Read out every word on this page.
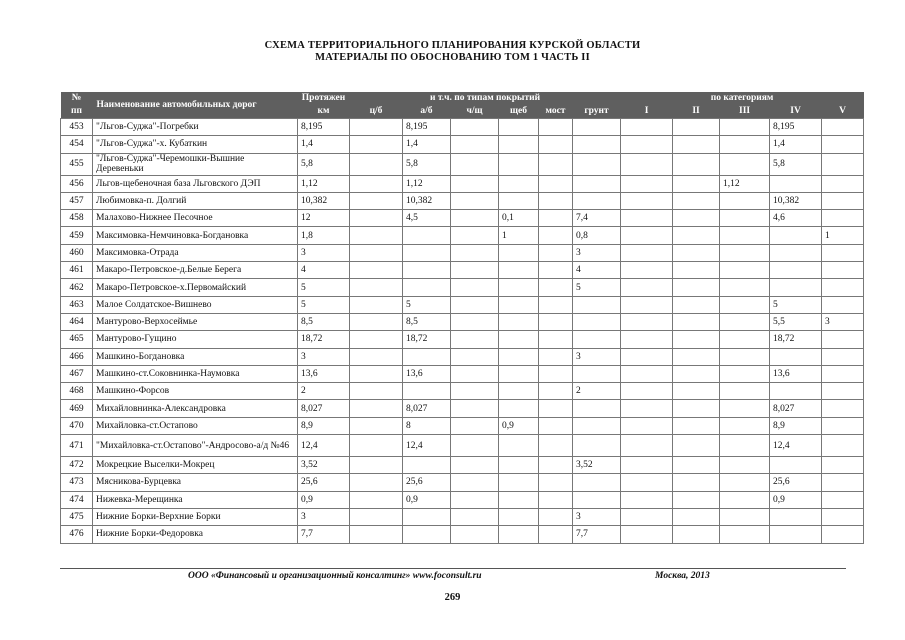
СХЕМА ТЕРРИТОРИАЛЬНОГО ПЛАНИРОВАНИЯ КУРСКОЙ ОБЛАСТИ
МАТЕРИАЛЫ ПО ОБОСНОВАНИЮ ТОМ 1 ЧАСТЬ II
№	Наименование автомобильных дорог	Протяжен	и т.ч. по типам покрытий						по категориям				
пп		км	ц/б	а/б	ч/щ	щеб	мост	грунт	I	II	III	IV	V
453	"Льгов-Суджа"-Погребки	8,195		8,195								8,195	
454	"Льгов-Суджа"-х. Кубаткин	1,4		1,4								1,4	
455	"Льгов-Суджа"-Черемошки-Вышние Деревеньки	5,8		5,8								5,8	
456	Льгов-щебеночная база Льговского ДЭП	1,12		1,12							1,12		
457	Любимовка-п. Долгий	10,382		10,382								10,382	
458	Малахово-Нижнее Песочное	12		4,5		0,1		7,4				4,6	
459	Максимовка-Немчиновка-Богдановка	1,8				1		0,8					1
460	Максимовка-Отрада	3						3					
461	Макаро-Петровское-д.Белые Берега	4						4					
462	Макаро-Петровское-х.Первомайский	5						5					
463	Малое Солдатское-Вишнево	5		5								5	
464	Мантурово-Верхосеймье	8,5		8,5								5,5	3
465	Мантурово-Гущино	18,72		18,72								18,72	
466	Машкино-Богдановка	3						3					
467	Машкино-ст.Соковнинка-Наумовка	13,6		13,6								13,6	
468	Машкино-Форсов	2						2					
469	Михайловнинка-Александровка	8,027		8,027								8,027	
470	Михайловка-ст.Остапово	8,9		8		0,9						8,9	
471	"Михайловка-ст.Остапово"-Андросово-а/д №46	12,4		12,4								12,4	
472	Мокрецкие Выселки-Мокрец	3,52						3,52					
473	Мясникова-Бурцевка	25,6		25,6								25,6	
474	Нижевка-Мерещинка	0,9		0,9								0,9	
475	Нижние Борки-Верхние Борки	3						3					
476	Нижние Борки-Федоровка	7,7						7,7					
ООО «Финансовый и организационный консалтинг» www.foconsult.ru	Москва, 2013
269
